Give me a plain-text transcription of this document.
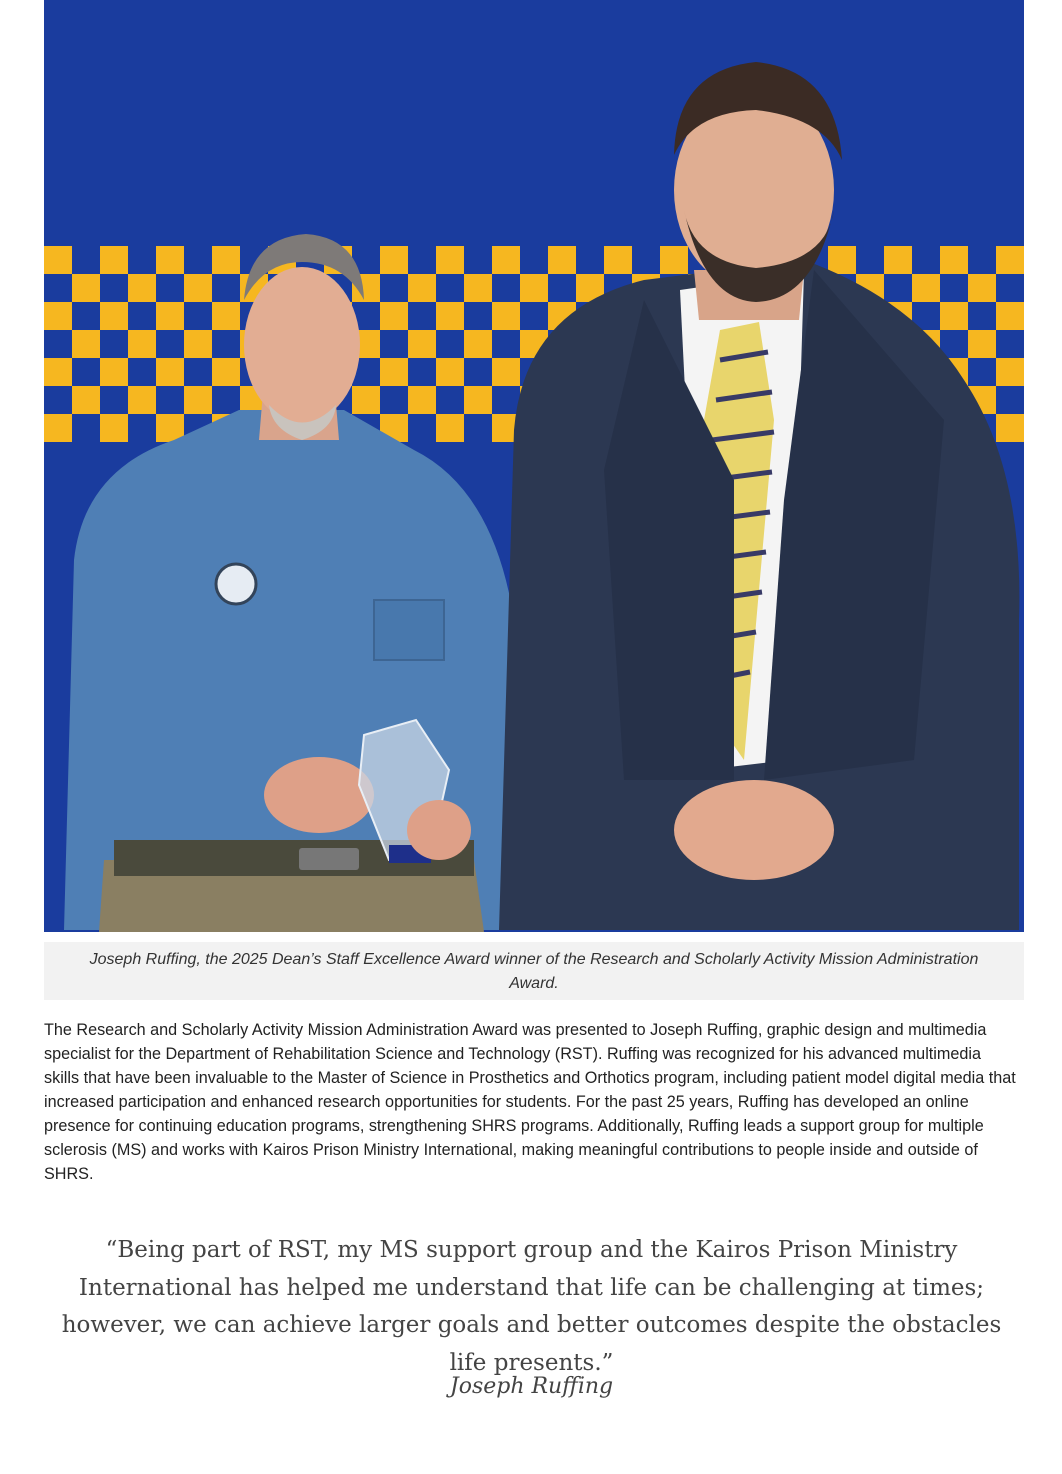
Joseph Ruffing, the 2025 Dean’s Staff Excellence Award winner of the Research and Scholarly Activity Mission Administration Award.

The Research and Scholarly Activity Mission Administration Award was presented to Joseph Ruffing, graphic design and multimedia specialist for the Department of Rehabilitation Science and Technology (RST). Ruffing was recognized for his advanced multimedia skills that have been invaluable to the Master of Science in Prosthetics and Orthotics program, including patient model digital media that increased participation and enhanced research opportunities for students. For the past 25 years, Ruffing has developed an online presence for continuing education programs, strengthening SHRS programs. Additionally, Ruffing leads a support group for multiple sclerosis (MS) and works with Kairos Prison Ministry International, making meaningful contributions to people inside and outside of SHRS.

“Being part of RST, my MS support group and the Kairos Prison Ministry International has helped me understand that life can be challenging at times; however, we can achieve larger goals and better outcomes despite the obstacles life presents.”

Joseph Ruffing
